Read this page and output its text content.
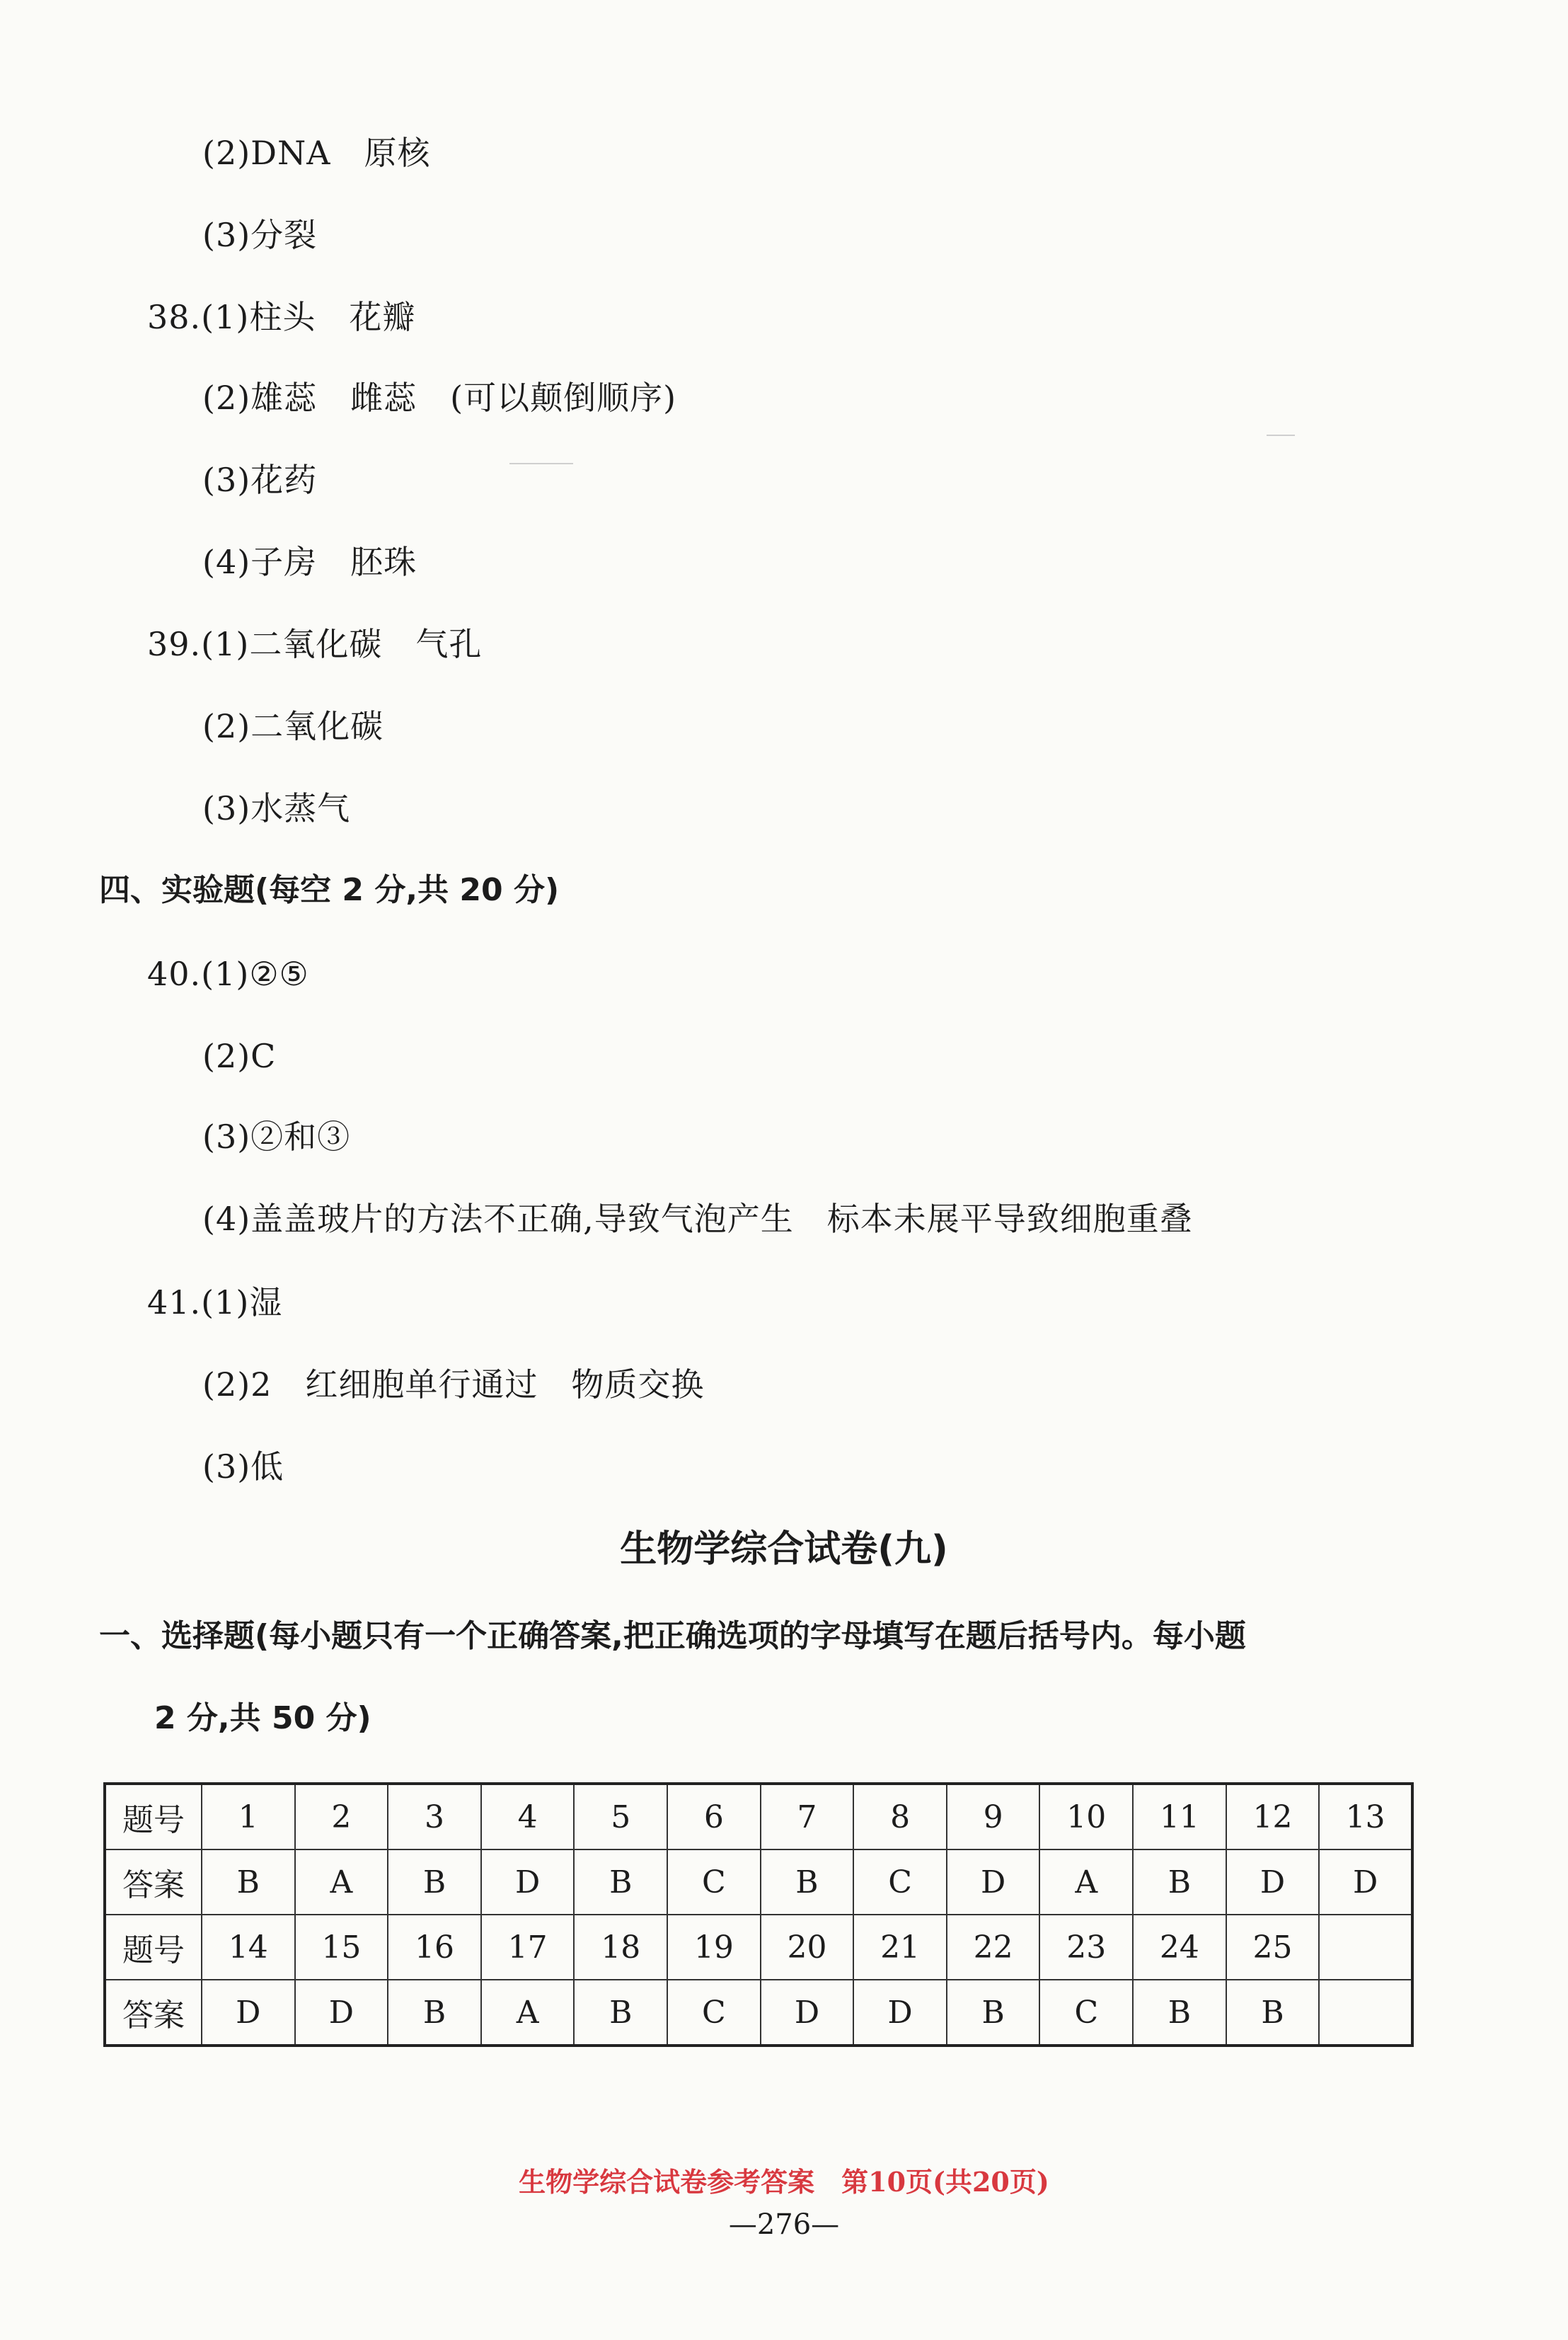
(2)DNA　原核
(3)分裂
38.(1)柱头　花瓣
(2)雄蕊　雌蕊　(可以颠倒顺序)
(3)花药
(4)子房　胚珠
39.(1)二氧化碳　气孔
(2)二氧化碳
(3)水蒸气
四、实验题(每空 2 分,共 20 分)
40.(1)②⑤
(2)C
(3)②和③
(4)盖盖玻片的方法不正确,导致气泡产生　标本未展平导致细胞重叠
41.(1)湿
(2)2　红细胞单行通过　物质交换
(3)低
生物学综合试卷(九)
一、选择题(每小题只有一个正确答案,把正确选项的字母填写在题后括号内。每小题
2 分,共 50 分)
题号	1	2	3	4	5	6	7	8	9	10	11	12	13
答案	B	A	B	D	B	C	B	C	D	A	B	D	D
题号	14	15	16	17	18	19	20	21	22	23	24	25	
答案	D	D	B	A	B	C	D	D	B	C	B	B	
生物学综合试卷参考答案　第10页(共20页)
—276—
